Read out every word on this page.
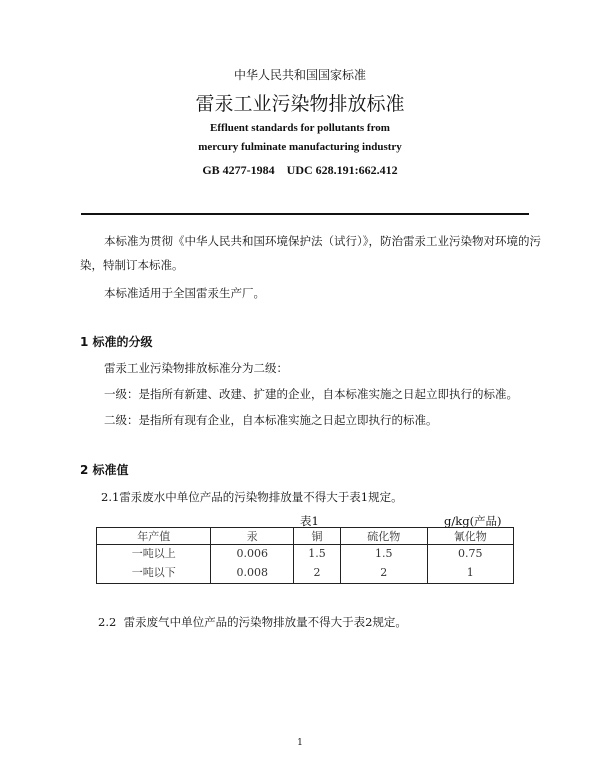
中华人民共和国国家标准
雷汞工业污染物排放标准
Effluent standards for pollutants from
mercury fulminate manufacturing industry
GB 4277-1984    UDC 628.191:662.412
本标准为贯彻《中华人民共和国环境保护法（试行）》，防治雷汞工业污染物对环境的污
染，特制订本标准。
本标准适用于全国雷汞生产厂。
1 标准的分级
雷汞工业污染物排放标准分为二级：
一级：是指所有新建、改建、扩建的企业，自本标准实施之日起立即执行的标准。
二级：是指所有现有企业，自本标准实施之日起立即执行的标准。
2 标准值
2.1雷汞废水中单位产品的污染物排放量不得大于表1规定。
表1	g/kg(产品)
年产值	汞	铜	硫化物	氰化物
一吨以上	0.006	1.5	1.5	0.75
一吨以下	0.008	2	2	1
2.2  雷汞废气中单位产品的污染物排放量不得大于表2规定。
1
